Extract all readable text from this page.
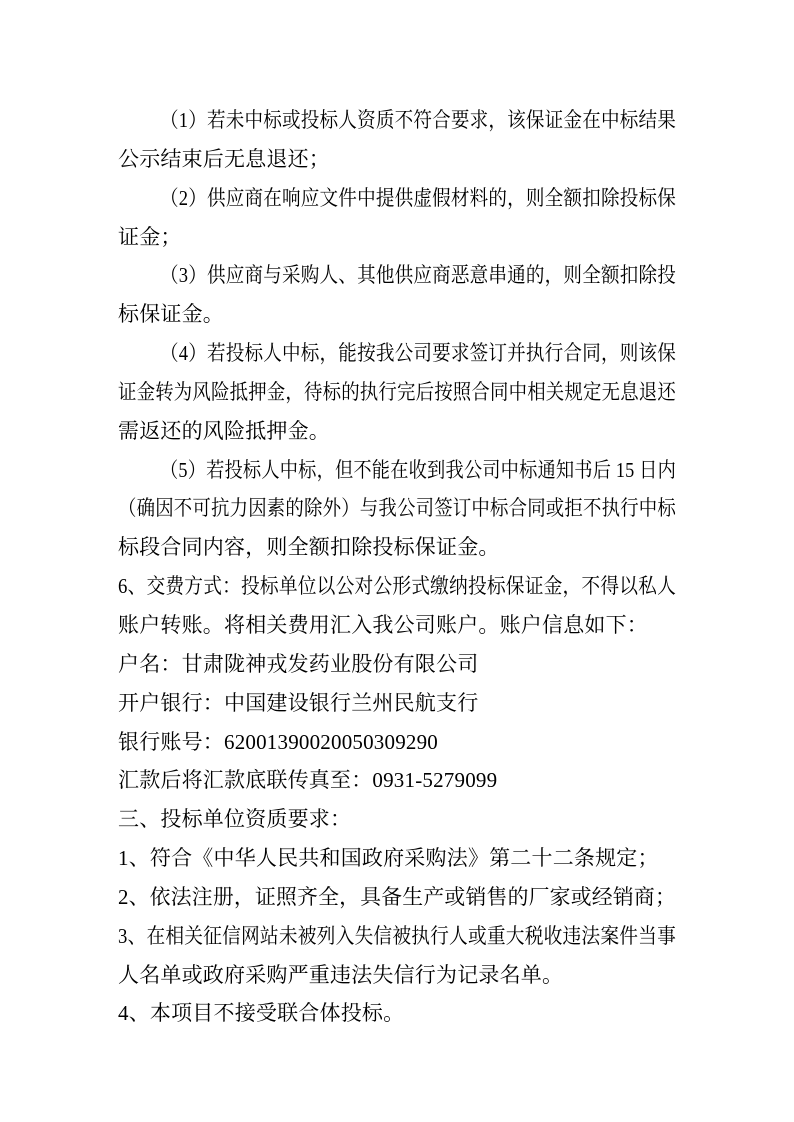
（1）若未中标或投标人资质不符合要求，该保证金在中标结果
公示结束后无息退还；
（2）供应商在响应文件中提供虚假材料的，则全额扣除投标保
证金；
（3）供应商与采购人、其他供应商恶意串通的，则全额扣除投
标保证金。
（4）若投标人中标，能按我公司要求签订并执行合同，则该保
证金转为风险抵押金，待标的执行完后按照合同中相关规定无息退还
需返还的风险抵押金。
（5）若投标人中标，但不能在收到我公司中标通知书后 15 日内
（确因不可抗力因素的除外）与我公司签订中标合同或拒不执行中标
标段合同内容，则全额扣除投标保证金。
6、交费方式：投标单位以公对公形式缴纳投标保证金，不得以私人
账户转账。将相关费用汇入我公司账户。账户信息如下：
户名：甘肃陇神戎发药业股份有限公司
开户银行：中国建设银行兰州民航支行
银行账号：62001390020050309290
汇款后将汇款底联传真至：0931-5279099
三、投标单位资质要求：
1、符合《中华人民共和国政府采购法》第二十二条规定；
2、依法注册，证照齐全，具备生产或销售的厂家或经销商；
3、在相关征信网站未被列入失信被执行人或重大税收违法案件当事
人名单或政府采购严重违法失信行为记录名单。
4、本项目不接受联合体投标。
